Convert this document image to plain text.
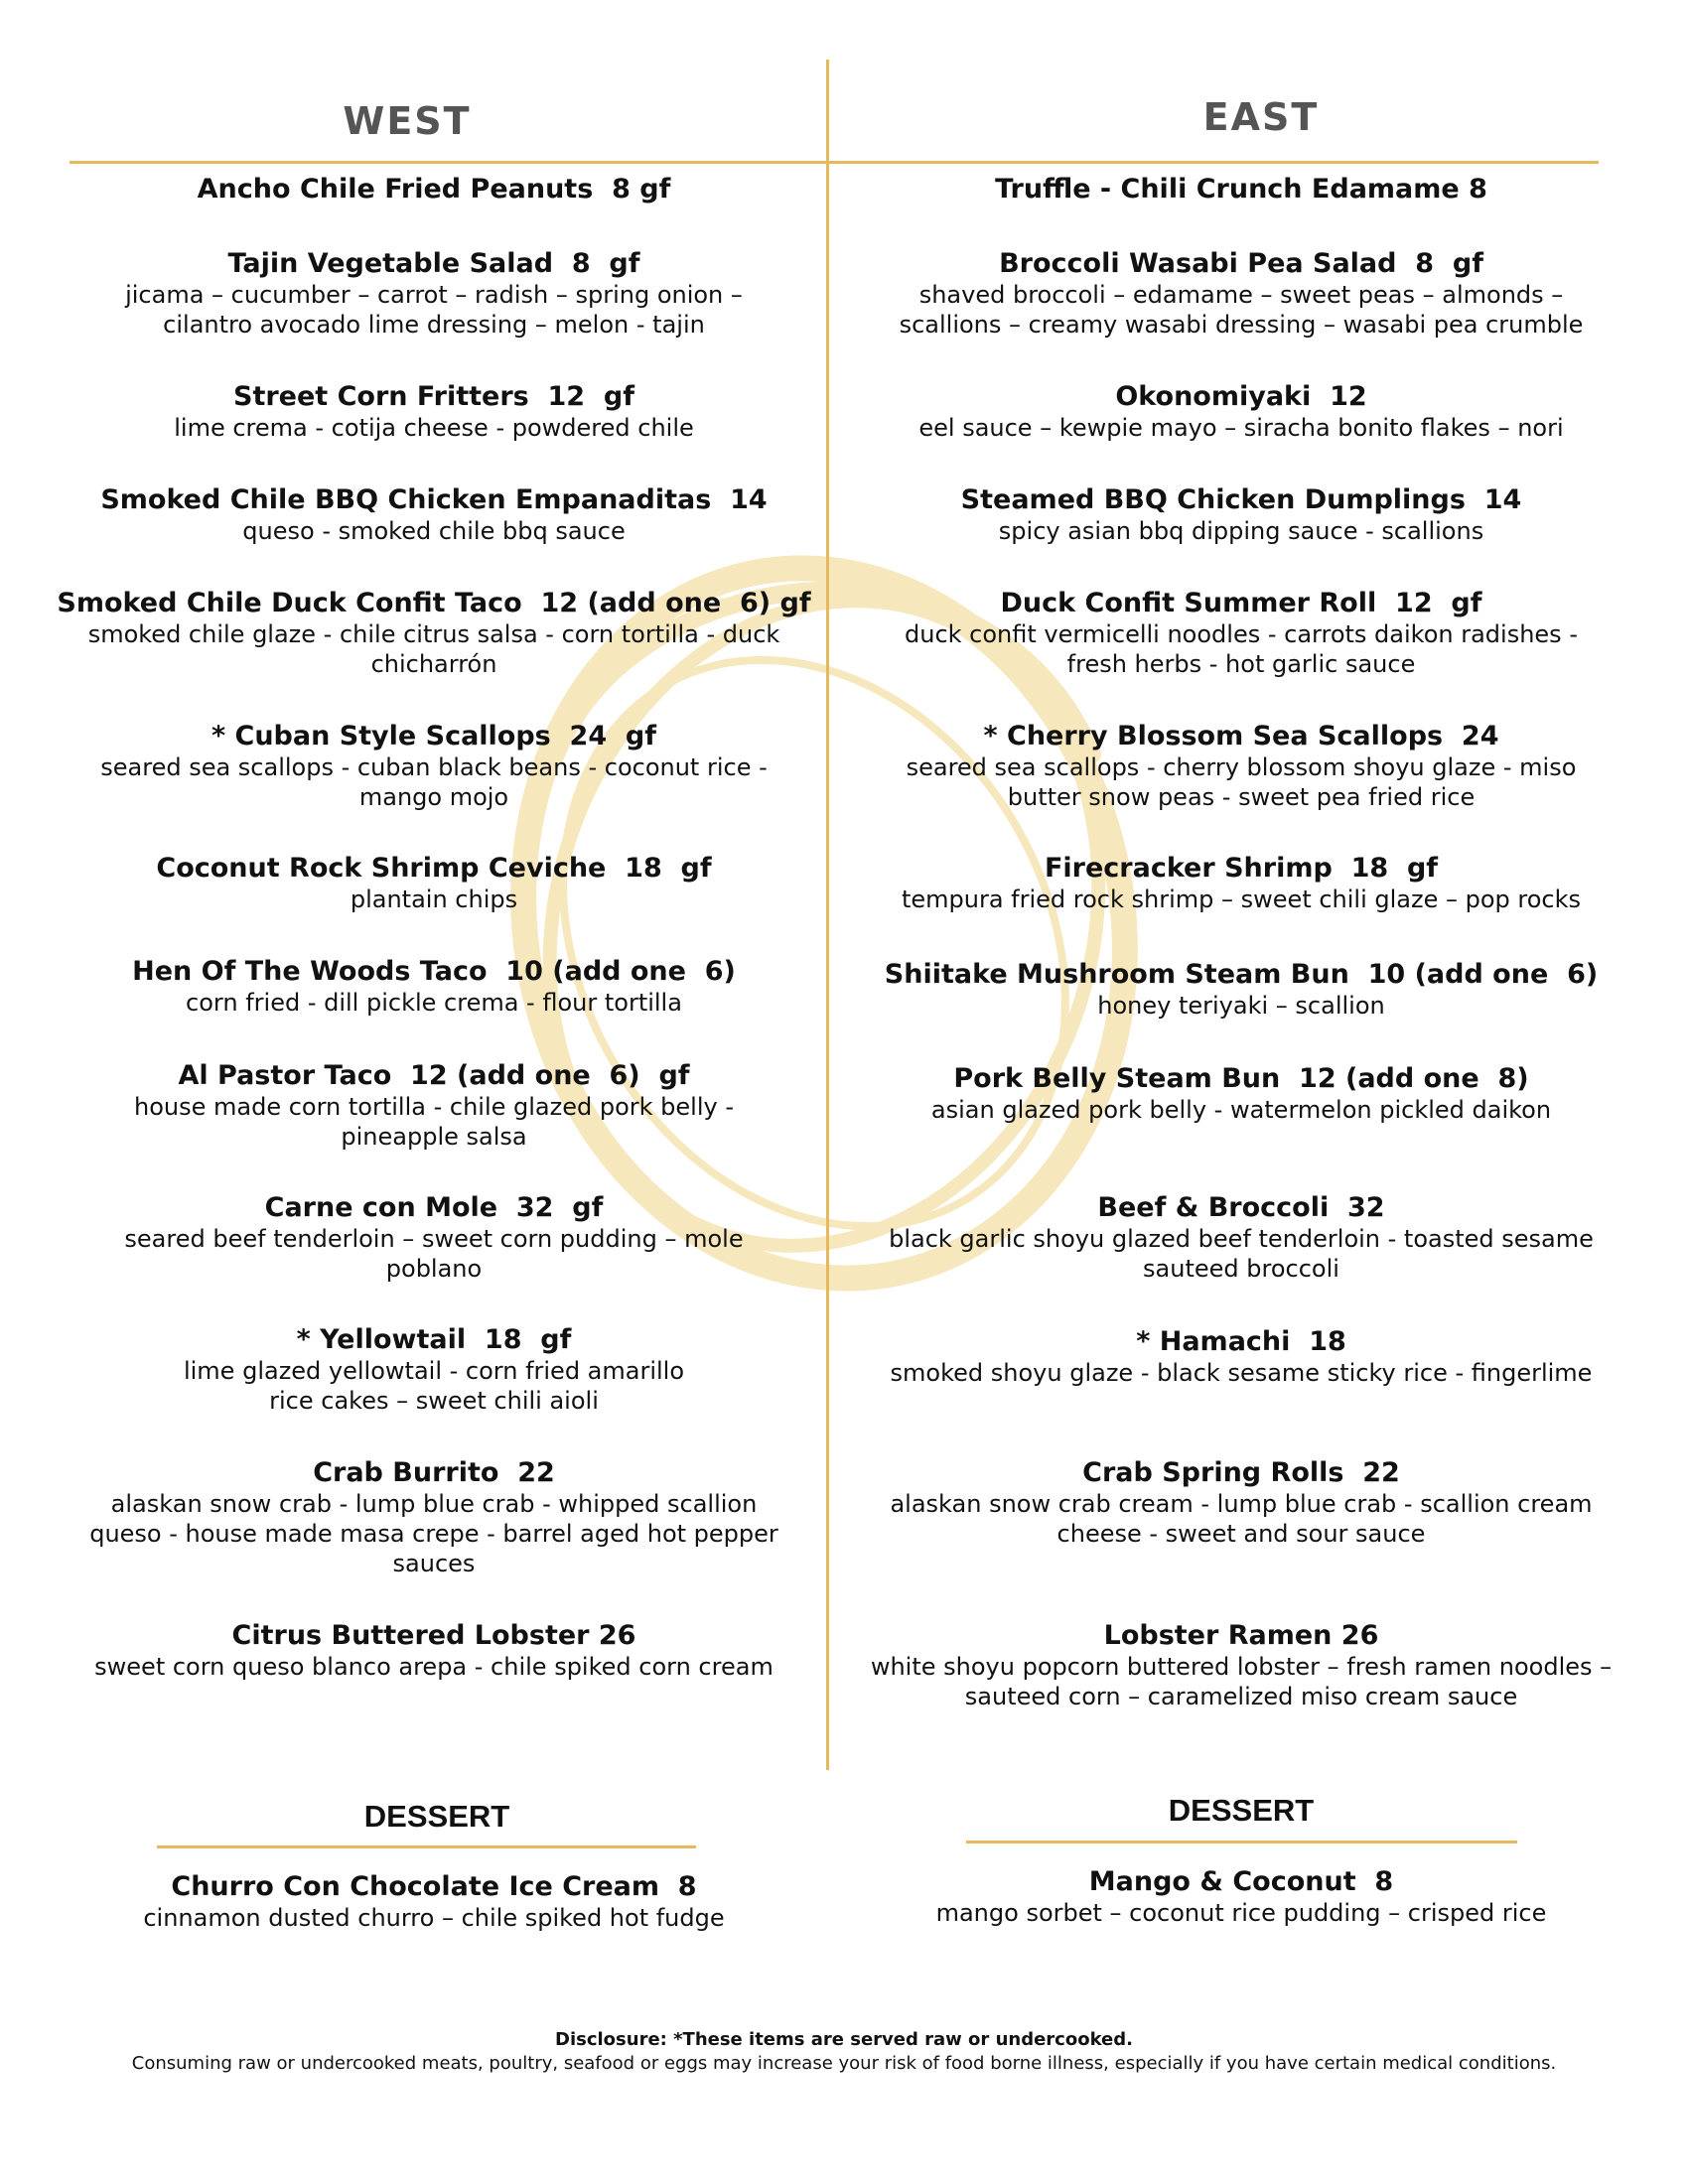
WEST	EAST
Ancho Chile Fried Peanuts  8 gf
Tajin Vegetable Salad  8  gf
jicama – cucumber – carrot – radish – spring onion – cilantro avocado lime dressing – melon - tajin
Street Corn Fritters  12  gf
lime crema - cotija cheese - powdered chile
Smoked Chile BBQ Chicken Empanaditas  14
queso - smoked chile bbq sauce
Smoked Chile Duck Confit Taco  12 (add one  6) gf
smoked chile glaze - chile citrus salsa - corn tortilla - duck chicharrón
* Cuban Style Scallops  24  gf
seared sea scallops - cuban black beans - coconut rice - mango mojo
Coconut Rock Shrimp Ceviche  18  gf
plantain chips
Hen Of The Woods Taco  10 (add one  6)
corn fried - dill pickle crema - flour tortilla
Al Pastor Taco  12 (add one  6)  gf
house made corn tortilla - chile glazed pork belly - pineapple salsa
Carne con Mole  32  gf
seared beef tenderloin – sweet corn pudding – mole poblano
* Yellowtail  18  gf
lime glazed yellowtail - corn fried amarillo rice cakes – sweet chili aioli
Crab Burrito  22
alaskan snow crab - lump blue crab - whipped scallion queso - house made masa crepe - barrel aged hot pepper sauces
Citrus Buttered Lobster 26
sweet corn queso blanco arepa - chile spiked corn cream
Truffle - Chili Crunch Edamame 8
Broccoli Wasabi Pea Salad  8  gf
shaved broccoli – edamame – sweet peas – almonds – scallions – creamy wasabi dressing – wasabi pea crumble
Okonomiyaki  12
eel sauce – kewpie mayo – siracha bonito flakes – nori
Steamed BBQ Chicken Dumplings  14
spicy asian bbq dipping sauce - scallions
Duck Confit Summer Roll  12  gf
duck confit vermicelli noodles - carrots daikon radishes - fresh herbs - hot garlic sauce
* Cherry Blossom Sea Scallops  24
seared sea scallops - cherry blossom shoyu glaze - miso butter snow peas - sweet pea fried rice
Firecracker Shrimp  18  gf
tempura fried rock shrimp – sweet chili glaze – pop rocks
Shiitake Mushroom Steam Bun  10 (add one  6)
honey teriyaki – scallion
Pork Belly Steam Bun  12 (add one  8)
asian glazed pork belly - watermelon pickled daikon
Beef & Broccoli  32
black garlic shoyu glazed beef tenderloin - toasted sesame sauteed broccoli
* Hamachi  18
smoked shoyu glaze - black sesame sticky rice - fingerlime
Crab Spring Rolls  22
alaskan snow crab cream - lump blue crab - scallion cream cheese - sweet and sour sauce
Lobster Ramen 26
white shoyu popcorn buttered lobster – fresh ramen noodles – sauteed corn – caramelized miso cream sauce
DESSERT
Churro Con Chocolate Ice Cream  8
cinnamon dusted churro – chile spiked hot fudge
DESSERT
Mango & Coconut  8
mango sorbet – coconut rice pudding – crisped rice
Disclosure: *These items are served raw or undercooked.
Consuming raw or undercooked meats, poultry, seafood or eggs may increase your risk of food borne illness, especially if you have certain medical conditions.
